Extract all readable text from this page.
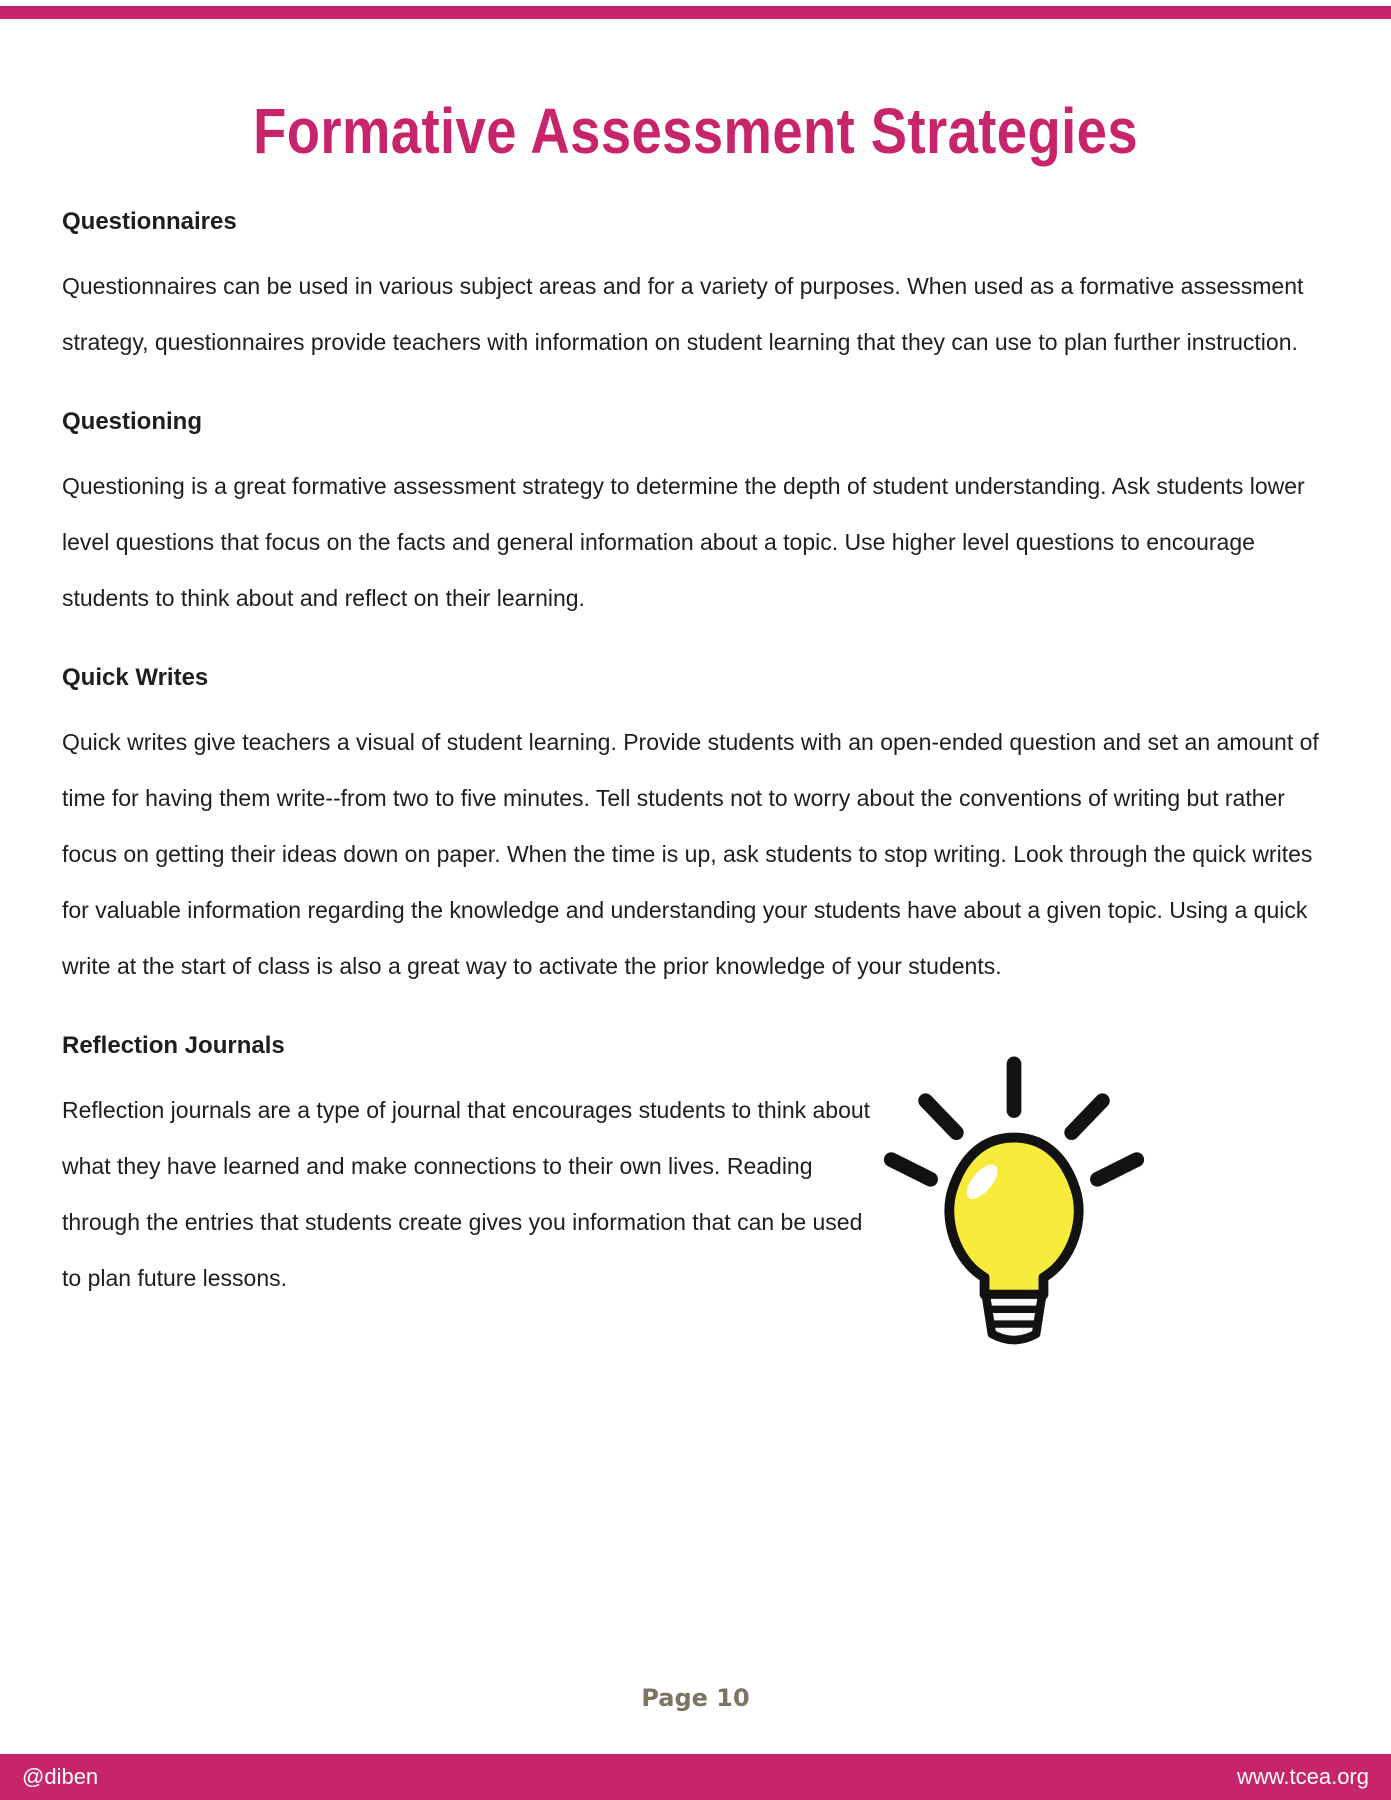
Formative Assessment Strategies
Questionnaires

Questionnaires can be used in various subject areas and for a variety of purposes. When used as a formative assessment strategy, questionnaires provide teachers with information on student learning that they can use to plan further instruction.

Questioning

Questioning is a great formative assessment strategy to determine the depth of student understanding. Ask students lower level questions that focus on the facts and general information about a topic. Use higher level questions to encourage students to think about and reflect on their learning.

Quick Writes

Quick writes give teachers a visual of student learning. Provide students with an open-ended question and set an amount of time for having them write--from two to five minutes. Tell students not to worry about the conventions of writing but rather focus on getting their ideas down on paper. When the time is up, ask students to stop writing. Look through the quick writes for valuable information regarding the knowledge and understanding your students have about a given topic. Using a quick write at the start of class is also a great way to activate the prior knowledge of your students.

Reflection Journals

Reflection journals are a type of journal that encourages students to think about what they have learned and make connections to their own lives. Reading through the entries that students create gives you information that can be used to plan future lessons.

Page 10
@diben	www.tcea.org
